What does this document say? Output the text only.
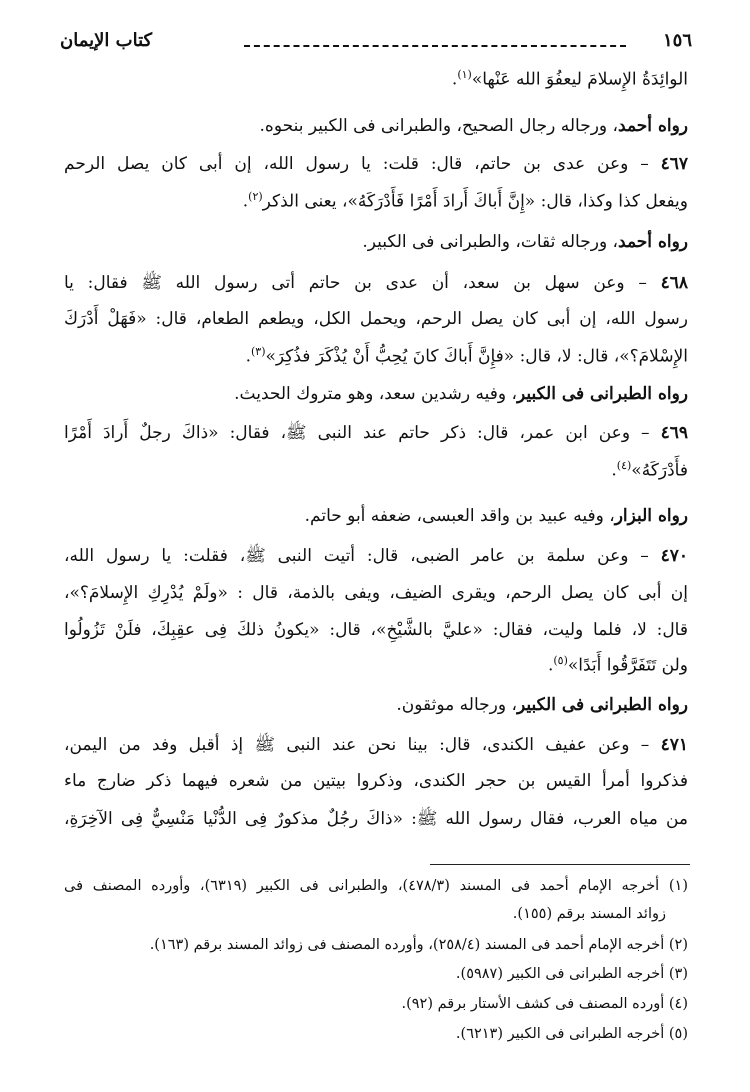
١٥٦
كتاب الإيمان
الوائِدَةُ الإِسلامَ ليعفُوَ الله عَنْها»$^{(١)}$.
رواه أحمد، ورجاله رجال الصحيح، والطبرانى فى الكبير بنحوه.
٤٦٧ – وعن عدى بن حاتم، قال: قلت: يا رسول الله، إن أبى كان يصل الرحم
ويفعل كذا وكذا، قال: «إِنَّ أَباكَ أَرادَ أَمْرًا فَأَدْرَكَهُ»، يعنى الذكر$^{(٢)}$.
رواه أحمد، ورجاله ثقات، والطبرانى فى الكبير.
٤٦٨ – وعن سهل بن سعد، أن عدى بن حاتم أتى رسول الله ﷺ فقال: يا
رسول الله، إن أبى كان يصل الرحم، ويحمل الكل، ويطعم الطعام، قال: «فَهَلْ أَدْرَكَ
الإِسْلامَ؟»، قال: لا، قال: «فإِنَّ أَباكَ كانَ يُحِبُّ أَنْ يُذْكَرَ فذُكِرَ»$^{(٣)}$.
رواه الطبرانى فى الكبير، وفيه رشدين سعد، وهو متروك الحديث.
٤٦٩ – وعن ابن عمر، قال: ذكر حاتم عند النبى ﷺ، فقال: «ذاكَ رجلٌ أَرادَ أَمْرًا
فأَدْرَكَهُ»$^{(٤)}$.
رواه البزار، وفيه عبيد بن واقد العبسى، ضعفه أبو حاتم.
٤٧٠ – وعن سلمة بن عامر الضبى، قال: أتيت النبى ﷺ، فقلت: يا رسول الله،
إن أبى كان يصل الرحم، ويقرى الضيف، ويفى بالذمة، قال : «ولَمْ يُدْرِكِ الإِسلامَ؟»،
قال: لا، فلما وليت، فقال: «عليَّ بالشَّيْخِ»، قال: «يكونُ ذلكَ فِى عقِبِكَ، فلَنْ تَزُولُوا
ولن تَتَفَرَّقُوا أَبَدًا»$^{(٥)}$.
رواه الطبرانى فى الكبير، ورجاله موثقون.
٤٧١ – وعن عفيف الكندى، قال: بينا نحن عند النبى ﷺ إذ أقبل وفد من اليمن،
فذكروا أمرأ القيس بن حجر الكندى، وذكروا بيتين من شعره فيهما ذكر ضارج ماء
من مياه العرب، فقال رسول الله ﷺ: «ذاكَ رجُلٌ مذكورٌ فِى الدُّنْيا مَنْسِيٌّ فِى الآخِرَةِ،
(١) أخرجه الإمام أحمد فى المسند (٤٧٨/٣)، والطبرانى فى الكبير (٦٣١٩)، وأورده المصنف فى
زوائد المسند برقم (١٥٥).
(٢) أخرجه الإمام أحمد فى المسند (٢٥٨/٤)، وأورده المصنف فى زوائد المسند برقم (١٦٣).
(٣) أخرجه الطبرانى فى الكبير (٥٩٨٧).
(٤) أورده المصنف فى كشف الأستار برقم (٩٢).
(٥) أخرجه الطبرانى فى الكبير (٦٢١٣).
